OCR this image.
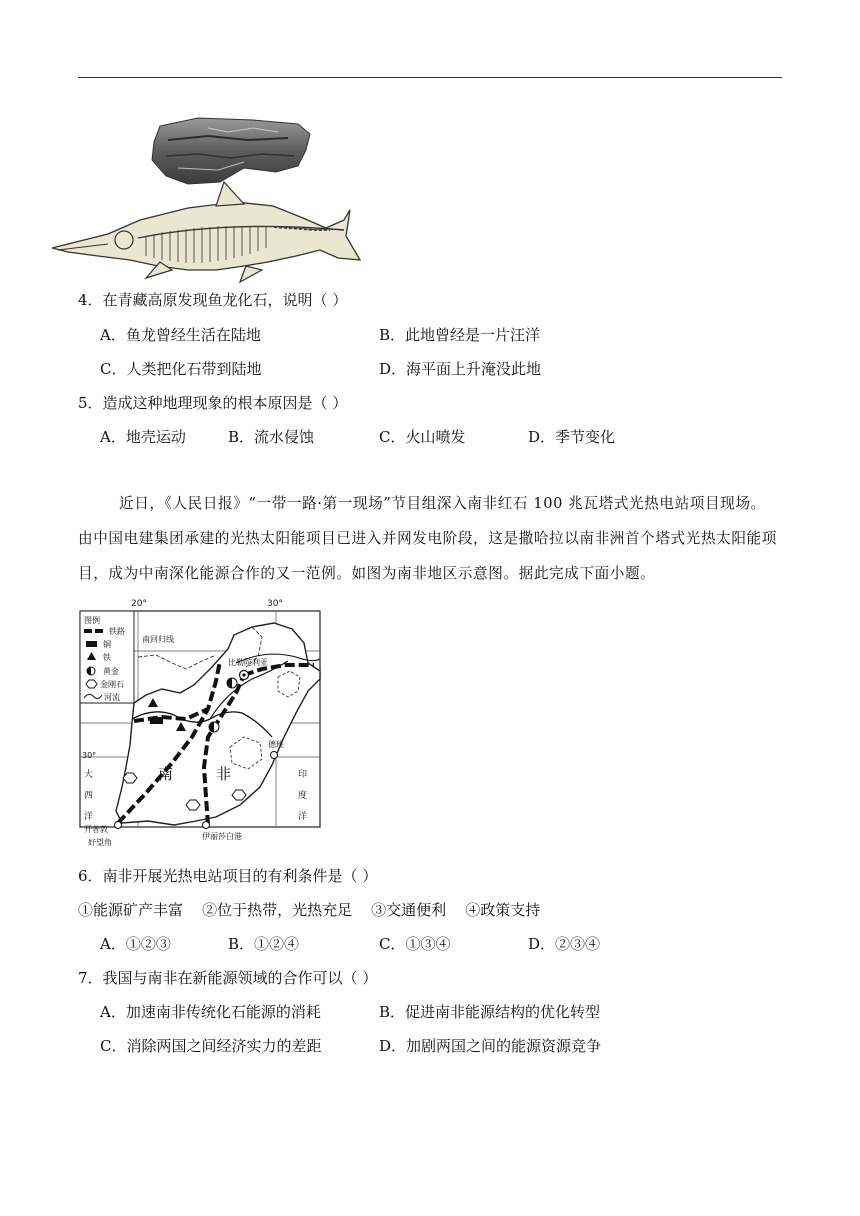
4．在青藏高原发现鱼龙化石，说明（ ）
A．鱼龙曾经生活在陆地	B．此地曾经是一片汪洋
C．人类把化石带到陆地	D．海平面上升淹没此地
5．造成这种地理现象的根本原因是（ ）
A．地壳运动	B．流水侵蚀	C．火山喷发	D．季节变化
近日，《人民日报》“一带一路·第一现场”节目组深入南非红石 100 兆瓦塔式光热电站项目现场。
由中国电建集团承建的光热太阳能项目已进入并网发电阶段，这是撒哈拉以南非洲首个塔式光热太阳能项
目，成为中南深化能源合作的又一范例。如图为南非地区示意图。据此完成下面小题。
20°	30°
南回归线
30°
比勒陀利亚
德班
南	非
大
西
洋
印
度
洋
开普敦
好望角
伊丽莎白港
图例
铁路
铜
铁
黄金
金刚石
河流
6．南非开展光热电站项目的有利条件是（ ）
①能源矿产丰富    ②位于热带，光热充足    ③交通便利    ④政策支持
A．①②③	B．①②④	C．①③④	D．②③④
7．我国与南非在新能源领域的合作可以（ ）
A．加速南非传统化石能源的消耗	B．促进南非能源结构的优化转型
C．消除两国之间经济实力的差距	D．加剧两国之间的能源资源竞争
